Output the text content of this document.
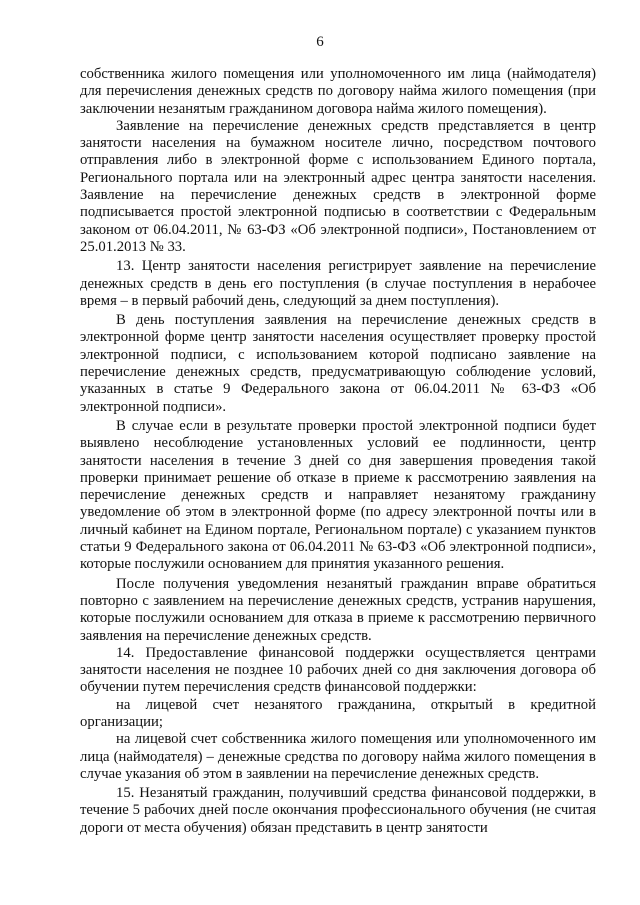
6

собственника жилого помещения или уполномоченного им лица (наймодателя) для перечисления денежных средств по договору найма жилого помещения (при заключении незанятым гражданином договора найма жилого помещения).

Заявление на перечисление денежных средств представляется в центр занятости населения на бумажном носителе лично, посредством почтового отправления либо в электронной форме с использованием Единого портала, Регионального портала или на электронный адрес центра занятости населения. Заявление на перечисление денежных средств в электронной форме подписывается простой электронной подписью в соответствии с Федеральным законом от 06.04.2011, № 63-ФЗ «Об электронной подписи», Постановлением от 25.01.2013 № 33.

13. Центр занятости населения регистрирует заявление на перечисление денежных средств в день его поступления (в случае поступления в нерабочее время – в первый рабочий день, следующий за днем поступления).

В день поступления заявления на перечисление денежных средств в электронной форме центр занятости населения осуществляет проверку простой электронной подписи, с использованием которой подписано заявление на перечисление денежных средств, предусматривающую соблюдение условий, указанных в статье 9 Федерального закона от 06.04.2011 № 63-ФЗ «Об электронной подписи».

В случае если в результате проверки простой электронной подписи будет выявлено несоблюдение установленных условий ее подлинности, центр занятости населения в течение 3 дней со дня завершения проведения такой проверки принимает решение об отказе в приеме к рассмотрению заявления на перечисление денежных средств и направляет незанятому гражданину уведомление об этом в электронной форме (по адресу электронной почты или в личный кабинет на Едином портале, Региональном портале) с указанием пунктов статьи 9 Федерального закона от 06.04.2011 № 63-ФЗ «Об электронной подписи», которые послужили основанием для принятия указанного решения.

После получения уведомления незанятый гражданин вправе обратиться повторно с заявлением на перечисление денежных средств, устранив нарушения, которые послужили основанием для отказа в приеме к рассмотрению первичного заявления на перечисление денежных средств.

14. Предоставление финансовой поддержки осуществляется центрами занятости населения не позднее 10 рабочих дней со дня заключения договора об обучении путем перечисления средств финансовой поддержки:

на лицевой счет незанятого гражданина, открытый в кредитной организации;

на лицевой счет собственника жилого помещения или уполномоченного им лица (наймодателя) – денежные средства по договору найма жилого помещения в случае указания об этом в заявлении на перечисление денежных средств.

15. Незанятый гражданин, получивший средства финансовой поддержки, в течение 5 рабочих дней после окончания профессионального обучения (не считая дороги от места обучения) обязан представить в центр занятости
